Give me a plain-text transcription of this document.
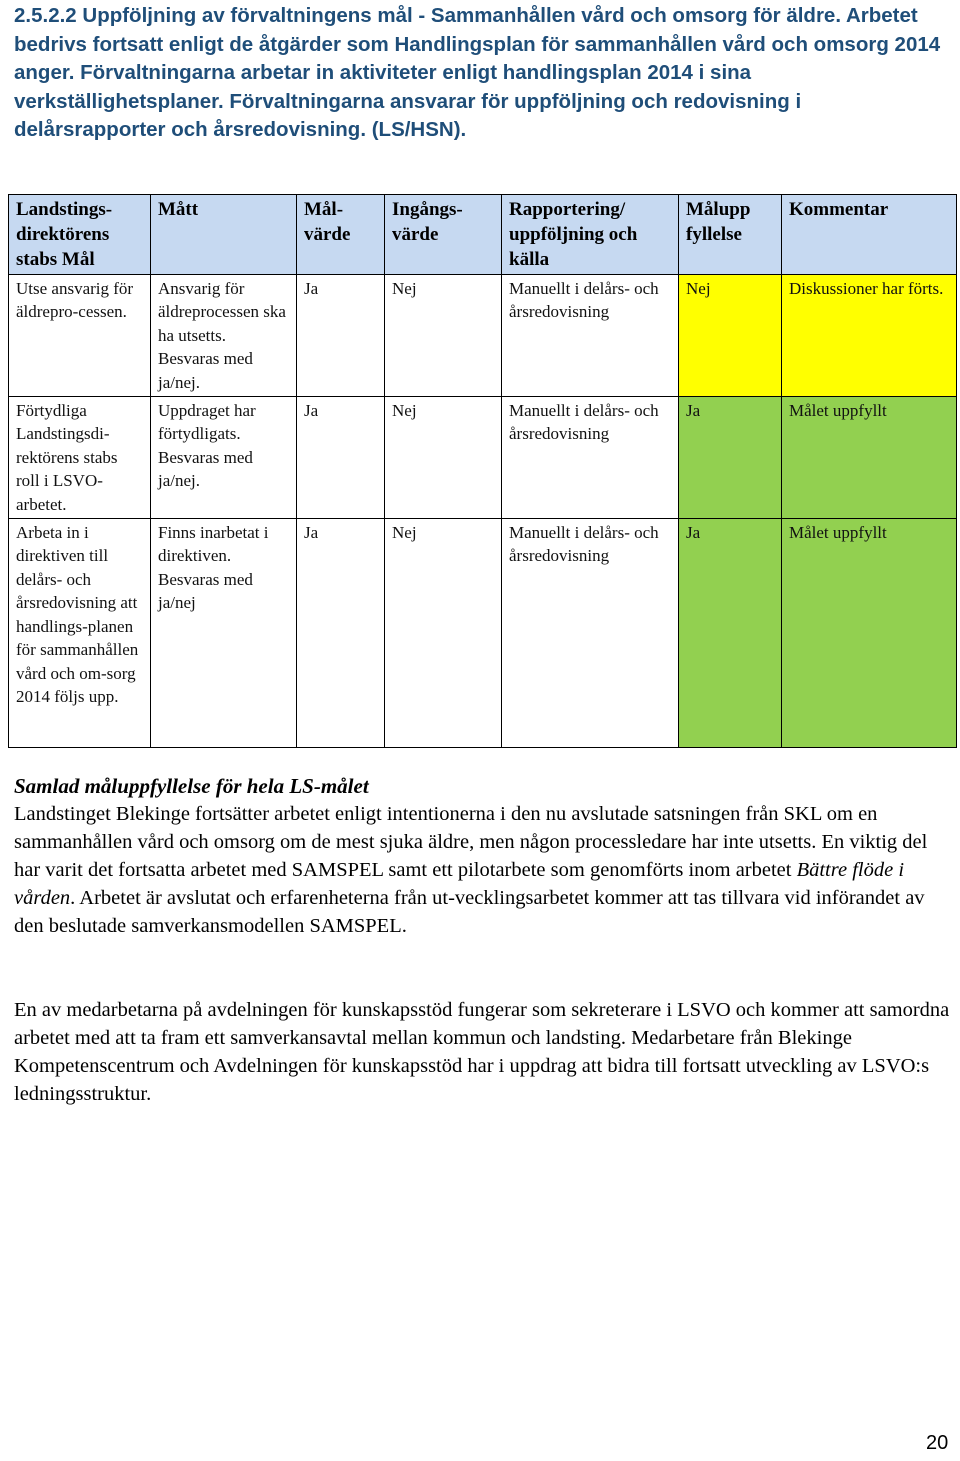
2.5.2.2 Uppföljning av förvaltningens mål - Sammanhållen vård och omsorg för äldre. Arbetet bedrivs fortsatt enligt de åtgärder som Handlingsplan för sammanhållen vård och omsorg 2014 anger. Förvaltningarna arbetar in aktiviteter enligt handlingsplan 2014 i sina verkställighetsplaner. Förvaltningarna ansvarar för uppföljning och redovisning i delårsrapporter och årsredovisning. (LS/HSN).
Landstings-direktörens stabs Mål	Mått	Mål-värde	Ingångs-värde	Rapportering/ uppföljning och källa	Målupp fyllelse	Kommentar
Utse ansvarig för äldrepro-cessen.	Ansvarig för äldreprocessen ska ha utsetts. Besvaras med ja/nej.	Ja	Nej	Manuellt i delårs- och årsredovisning	Nej	Diskussioner har förts.
Förtydliga Landstingsdi-rektörens stabs roll i LSVO-arbetet.	Uppdraget har förtydligats. Besvaras med ja/nej.	Ja	Nej	Manuellt i delårs- och årsredovisning	Ja	Målet uppfyllt
Arbeta in i direktiven till delårs- och årsredovisning att handlings-planen för sammanhållen vård och om-sorg 2014 följs upp.	Finns inarbetat i direktiven. Besvaras med ja/nej	Ja	Nej	Manuellt i delårs- och årsredovisning	Ja	Målet uppfyllt
Samlad måluppfyllelse för hela LS-målet

Landstinget Blekinge fortsätter arbetet enligt intentionerna i den nu avslutade satsningen från SKL om en sammanhållen vård och omsorg om de mest sjuka äldre, men någon processledare har inte utsetts. En viktig del har varit det fortsatta arbetet med SAMSPEL samt ett pilotarbete som genomförts inom arbetet Bättre flöde i vården. Arbetet är avslutat och erfarenheterna från ut-vecklingsarbetet kommer att tas tillvara vid införandet av den beslutade samverkansmodellen SAMSPEL.

En av medarbetarna på avdelningen för kunskapsstöd fungerar som sekreterare i LSVO och kommer att samordna arbetet med att ta fram ett samverkansavtal mellan kommun och landsting. Medarbetare från Blekinge Kompetenscentrum och Avdelningen för kunskapsstöd har i uppdrag att bidra till fortsatt utveckling av LSVO:s ledningsstruktur.

20
